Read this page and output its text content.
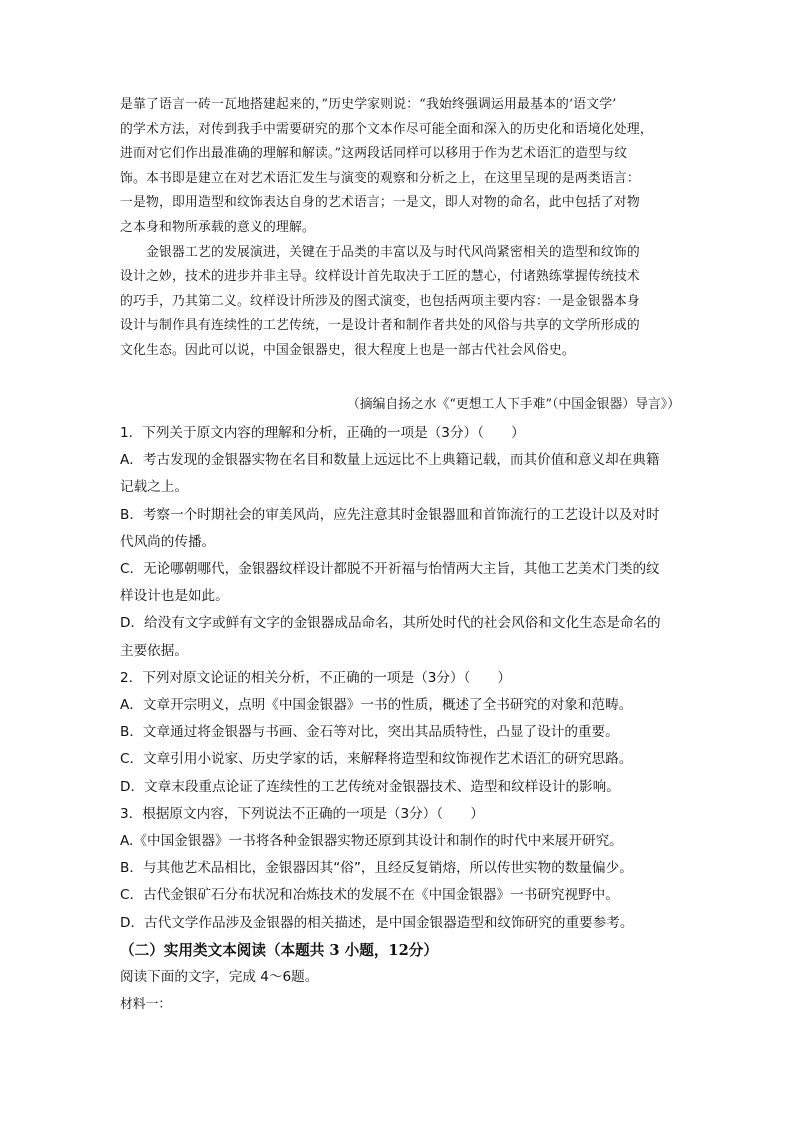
是靠了语言一砖一瓦地搭建起来的，”历史学家则说：“我始终强调运用最基本的‘语文学’
的学术方法，对传到我手中需要研究的那个文本作尽可能全面和深入的历史化和语境化处理，
进而对它们作出最准确的理解和解读。”这两段话同样可以移用于作为艺术语汇的造型与纹
饰。本书即是建立在对艺术语汇发生与演变的观察和分析之上，在这里呈现的是两类语言：
一是物，即用造型和纹饰表达自身的艺术语言；一是文，即人对物的命名，此中包括了对物
之本身和物所承载的意义的理解。
金银器工艺的发展演进，关键在于品类的丰富以及与时代风尚紧密相关的造型和纹饰的
设计之妙，技术的进步并非主导。纹样设计首先取决于工匠的慧心，付诸熟练掌握传统技术
的巧手，乃其第二义。纹样设计所涉及的图式演变，也包括两项主要内容：一是金银器本身
设计与制作具有连续性的工艺传统，一是设计者和制作者共处的风俗与共享的文学所形成的
文化生态。因此可以说，中国金银器史，很大程度上也是一部古代社会风俗史。
（摘编自扬之水《“更想工人下手难”（中国金银器）导言》）
1．下列关于原文内容的理解和分析，正确的一项是（3分）（　　）
A．考古发现的金银器实物在名目和数量上远远比不上典籍记载，而其价值和意义却在典籍
记载之上。
B．考察一个时期社会的审美风尚，应先注意其时金银器皿和首饰流行的工艺设计以及对时
代风尚的传播。
C．无论哪朝哪代，金银器纹样设计都脱不开祈福与怡情两大主旨，其他工艺美术门类的纹
样设计也是如此。
D．给没有文字或鲜有文字的金银器成品命名，其所处时代的社会风俗和文化生态是命名的
主要依据。
2．下列对原文论证的相关分析，不正确的一项是（3分）（　　）
A．文章开宗明义，点明《中国金银器》一书的性质，概述了全书研究的对象和范畴。
B．文章通过将金银器与书画、金石等对比，突出其品质特性，凸显了设计的重要。
C．文章引用小说家、历史学家的话，来解释将造型和纹饰视作艺术语汇的研究思路。
D．文章末段重点论证了连续性的工艺传统对金银器技术、造型和纹样设计的影响。
3．根据原文内容，下列说法不正确的一项是（3分）（　　）
A.《中国金银器》一书将各种金银器实物还原到其设计和制作的时代中来展开研究。
B．与其他艺术品相比，金银器因其“俗”，且经反复销熔，所以传世实物的数量偏少。
C．古代金银矿石分布状况和冶炼技术的发展不在《中国金银器》一书研究视野中。
D．古代文学作品涉及金银器的相关描述，是中国金银器造型和纹饰研究的重要参考。
（二）实用类文本阅读（本题共 3 小题，12分）
阅读下面的文字，完成 4～6题。
材料一：
